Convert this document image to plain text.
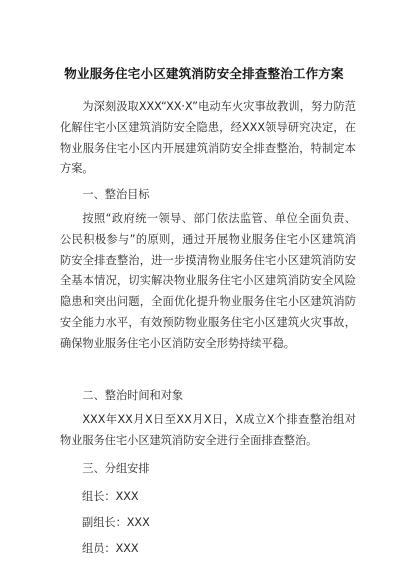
物业服务住宅小区建筑消防安全排查整治工作方案
为深刻汲取XXX“XX·X”电动车火灾事故教训，努力防范化解住宅小区建筑消防安全隐患，经XXX领导研究决定，在物业服务住宅小区内开展建筑消防安全排查整治，特制定本方案。
一、整治目标
按照“政府统一领导、部门依法监管、单位全面负责、公民积极参与”的原则，通过开展物业服务住宅小区建筑消防安全排查整治，进一步摸清物业服务住宅小区建筑消防安全基本情况，切实解决物业服务住宅小区建筑消防安全风险隐患和突出问题，全面优化提升物业服务住宅小区建筑消防安全能力水平，有效预防物业服务住宅小区建筑火灾事故，确保物业服务住宅小区消防安全形势持续平稳。
二、整治时间和对象
XXX年XX月X日至XX月X日，X成立X个排查整治组对物业服务住宅小区建筑消防安全进行全面排查整治。
三、分组安排
组长：XXX
副组长：XXX
组员：XXX
